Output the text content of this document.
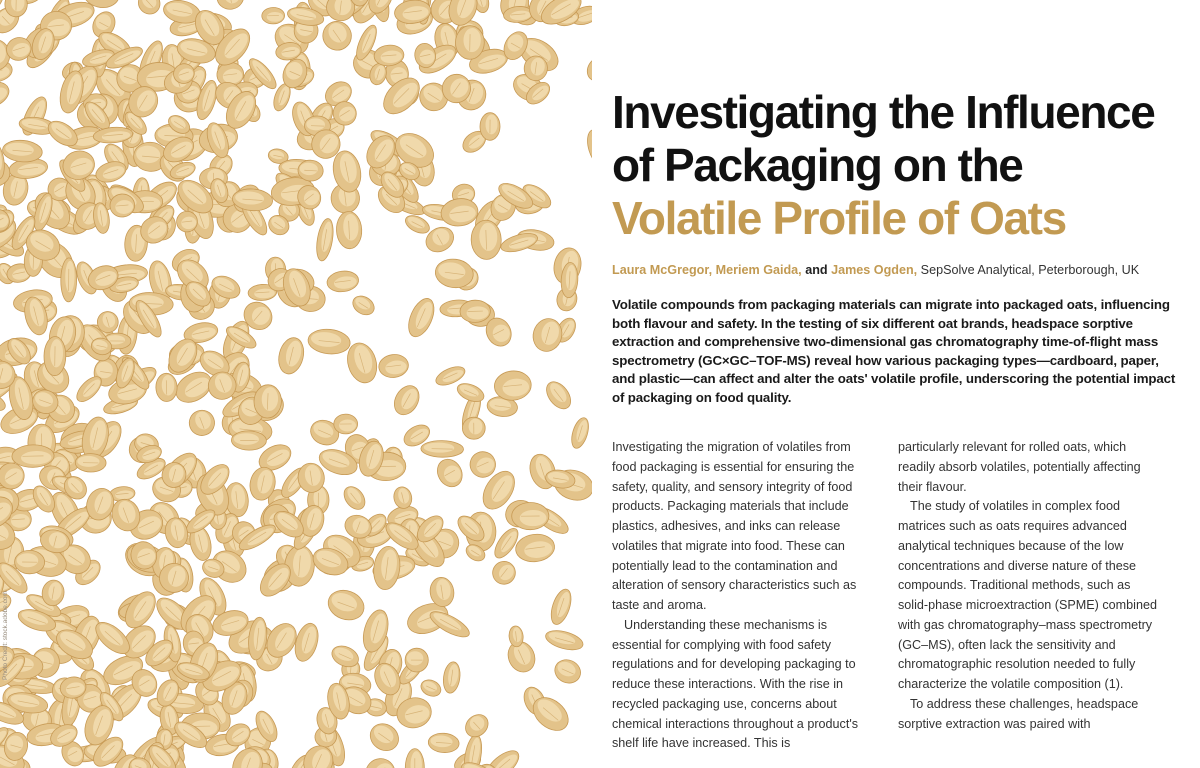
Photo Credit: stock.adobe.com
Investigating the Influence
of Packaging on the
Volatile Profile of Oats
Laura McGregor, Meriem Gaida, and James Ogden, SepSolve Analytical, Peterborough, UK

Volatile compounds from packaging materials can migrate into packaged oats, influencing both flavour and safety. In the testing of six different oat brands, headspace sorptive extraction and comprehensive two-dimensional gas chromatography time-of-flight mass spectrometry (GC×GC–TOF-MS) reveal how various packaging types—cardboard, paper, and plastic—can affect and alter the oats' volatile profile, underscoring the potential impact of packaging on food quality.

Investigating the migration of volatiles from food packaging is essential for ensuring the safety, quality, and sensory integrity of food products. Packaging materials that include plastics, adhesives, and inks can release volatiles that migrate into food. These can potentially lead to the contamination and alteration of sensory characteristics such as taste and aroma.

Understanding these mechanisms is essential for complying with food safety regulations and for developing packaging to reduce these interactions. With the rise in recycled packaging use, concerns about chemical interactions throughout a product's shelf life have increased. This is

particularly relevant for rolled oats, which readily absorb volatiles, potentially affecting their flavour.

The study of volatiles in complex food matrices such as oats requires advanced analytical techniques because of the low concentrations and diverse nature of these compounds. Traditional methods, such as solid-phase microextraction (SPME) combined with gas chromatography–mass spectrometry (GC–MS), often lack the sensitivity and chromatographic resolution needed to fully characterize the volatile composition (1).

To address these challenges, headspace sorptive extraction was paired with
